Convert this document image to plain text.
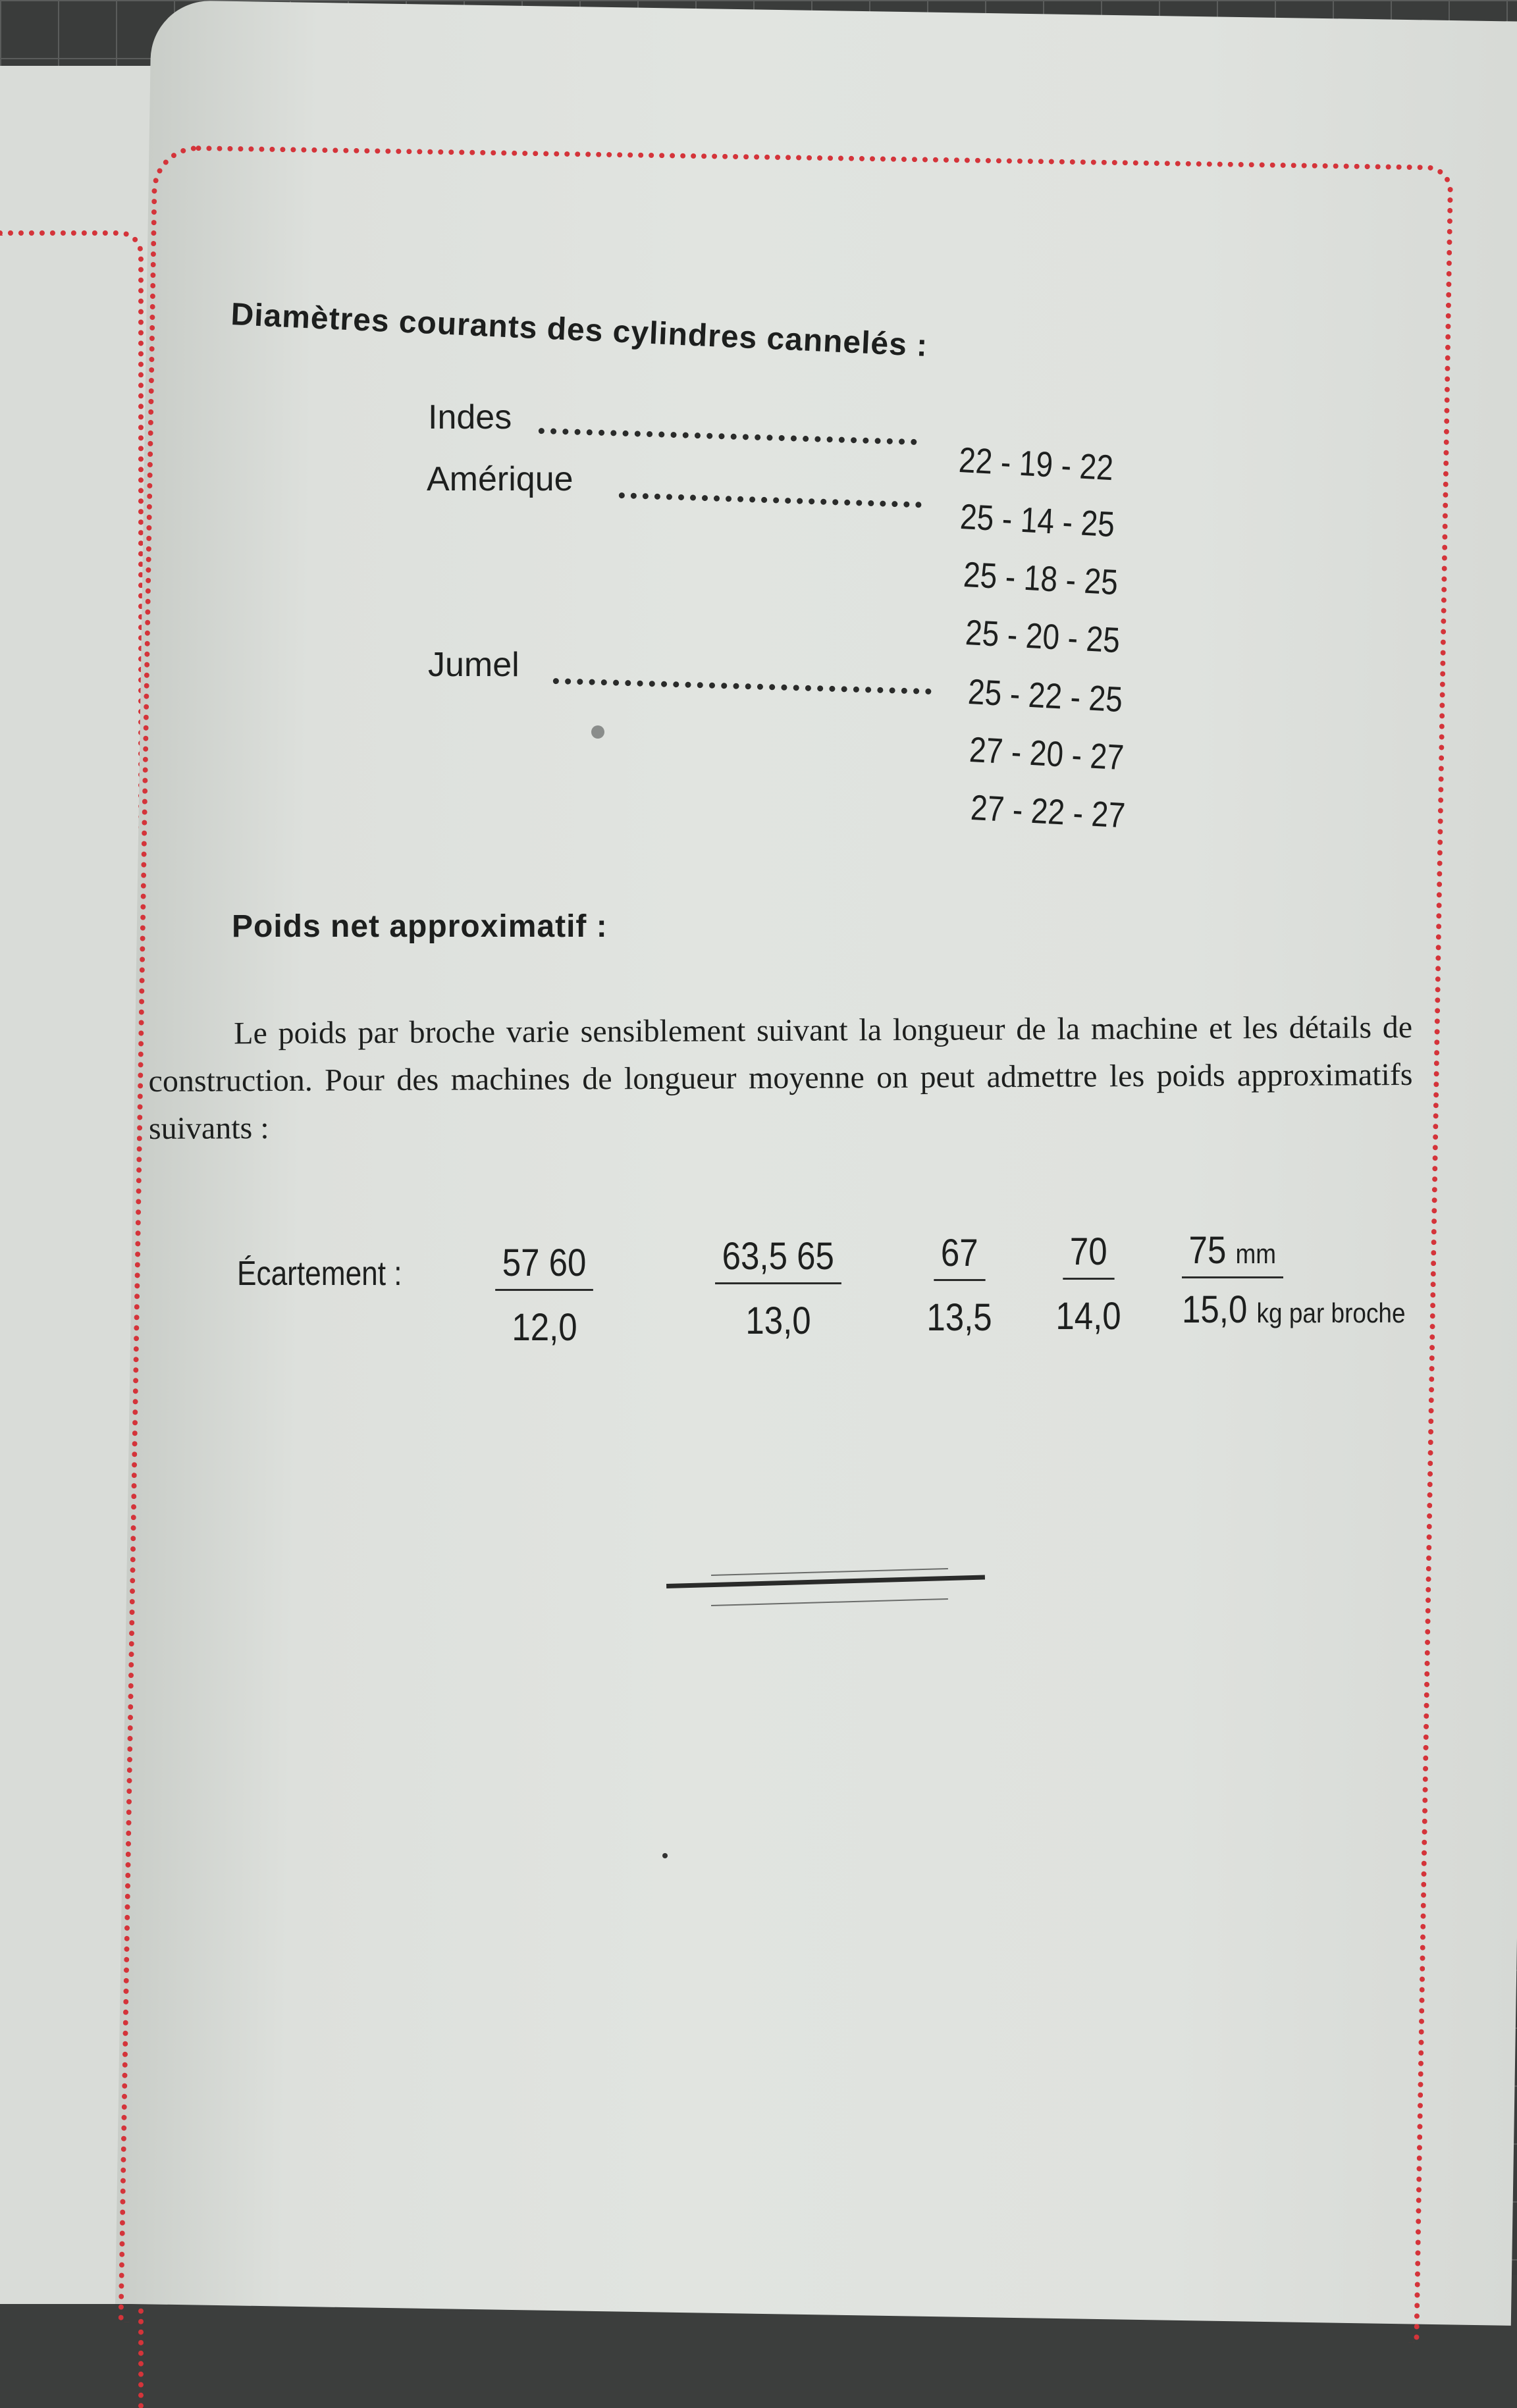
Diamètres courants des cylindres cannelés :
Indes
22 - 19 - 22
Amérique
25 - 14 - 25
25 - 18 - 25
25 - 20 - 25
Jumel
25 - 22 - 25
27 - 20 - 27
27 - 22 - 27
Poids net approximatif :

Le poids par broche varie sensiblement suivant la longueur de la machine et les détails de construction. Pour des machines de longueur moyenne on peut admettre les poids approximatifs suivants :

Écartement :	57 60
12,0
63,5 65
13,0
67
13,5
70
14,0
75 mm
15,0 kg par broche
